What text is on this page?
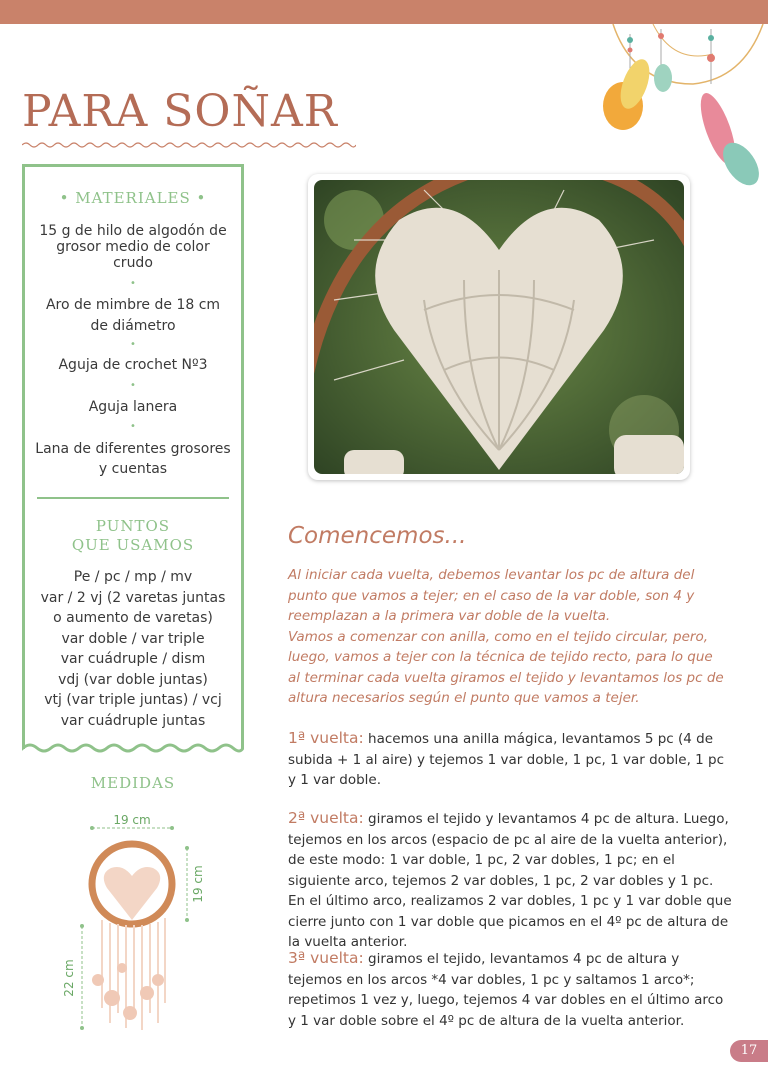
PARA SOÑAR
• MATERIALES •
15 g de hilo de algodón de grosor medio de color crudo
•
Aro de mimbre de 18 cm de diámetro
•
Aguja de crochet Nº3
•
Aguja lanera
•
Lana de diferentes grosores y cuentas
PUNTOS
QUE USAMOS
Pe / pc / mp / mv
var / 2 vj (2 varetas juntas
o aumento de varetas)
var doble / var triple
var cuádruple / dism
vdj (var doble juntas)
vtj (var triple juntas) / vcj
var cuádruple juntas
MEDIDAS
19 cm
19 cm
22 cm
Comencemos...

Al iniciar cada vuelta, debemos levantar los pc de altura del punto que vamos a tejer; en el caso de la var doble, son 4 y reemplazan a la primera var doble de la vuelta.

Vamos a comenzar con anilla, como en el tejido circular, pero, luego, vamos a tejer con la técnica de tejido recto, para lo que al terminar cada vuelta giramos el tejido y levantamos los pc de altura necesarios según el punto que vamos a tejer.

1ª vuelta: hacemos una anilla mágica, levantamos 5 pc (4 de subida + 1 al aire) y tejemos 1 var doble, 1 pc, 1 var doble, 1 pc y 1 var doble.

2ª vuelta: giramos el tejido y levantamos 4 pc de altura. Luego, tejemos en los arcos (espacio de pc al aire de la vuelta anterior), de este modo: 1 var doble, 1 pc, 2 var dobles, 1 pc; en el siguiente arco, tejemos 2 var dobles, 1 pc, 2 var dobles y 1 pc. En el último arco, realizamos 2 var dobles, 1 pc y 1 var doble que cierre junto con 1 var doble que picamos en el 4º pc de altura de la vuelta anterior.

3ª vuelta: giramos el tejido, levantamos 4 pc de altura y tejemos en los arcos *4 var dobles, 1 pc y saltamos 1 arco*; repetimos 1 vez y, luego, tejemos 4 var dobles en el último arco y 1 var doble sobre el 4º pc de altura de la vuelta anterior.

17
